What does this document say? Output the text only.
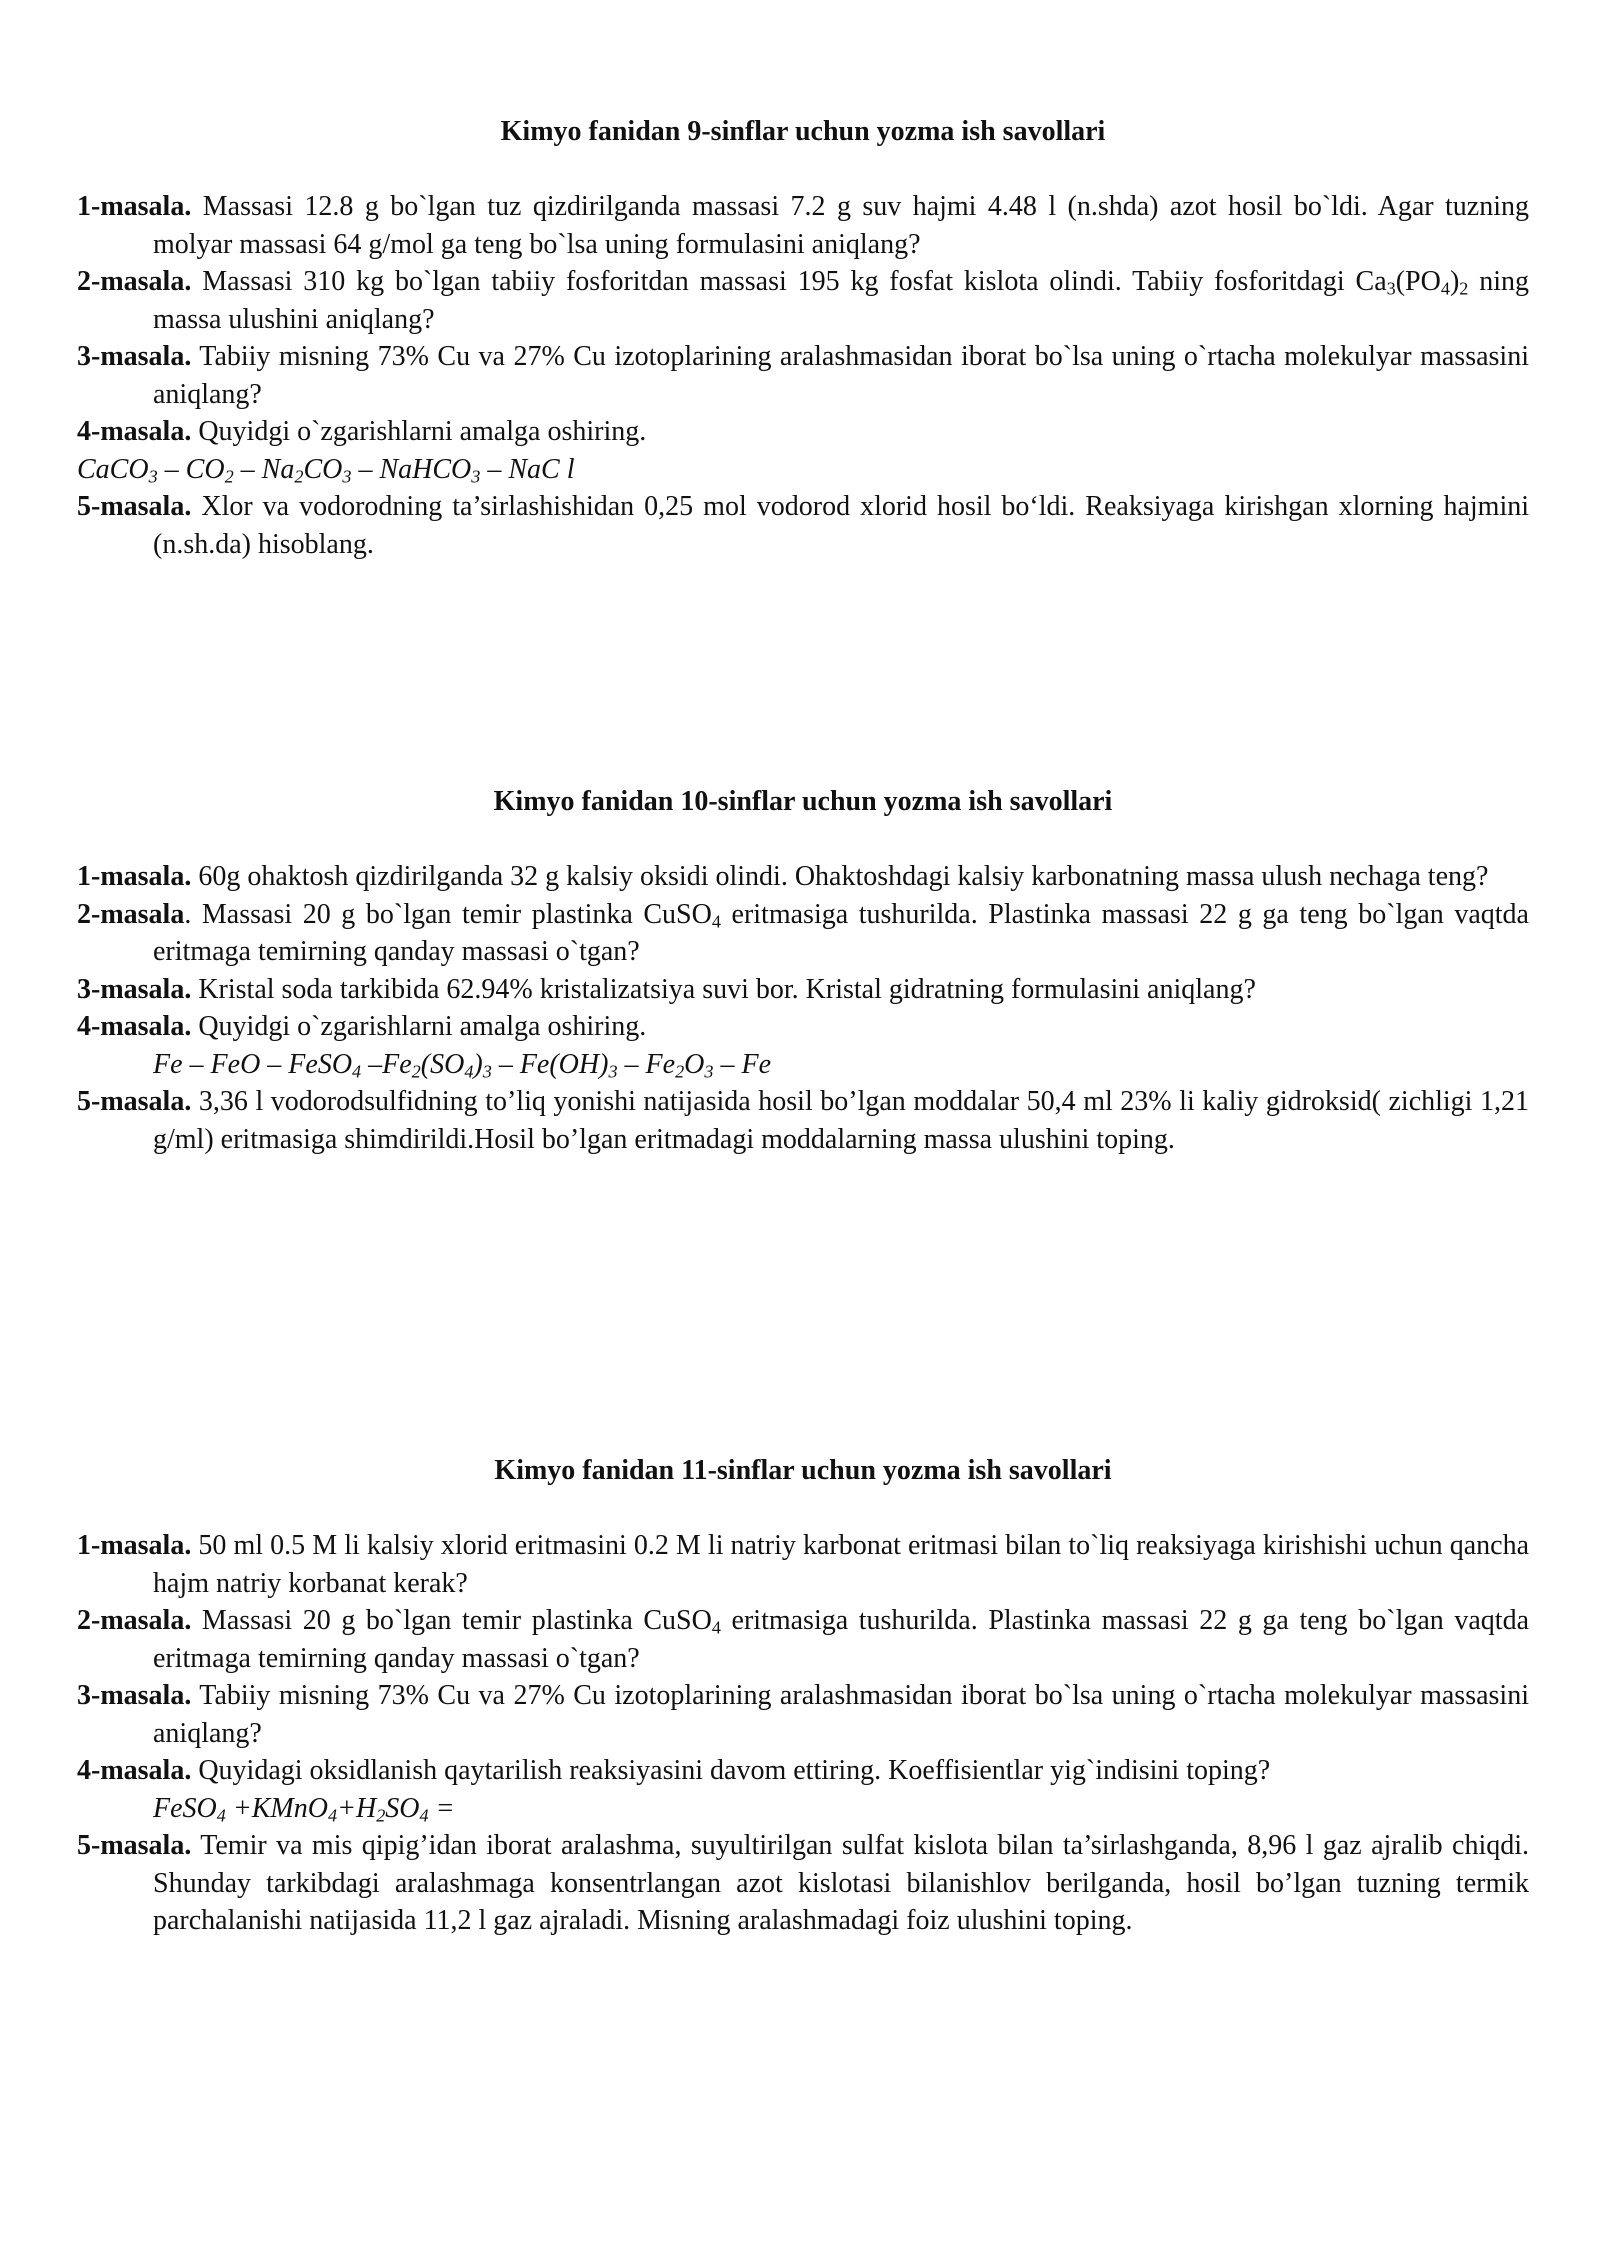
Kimyo fanidan 9-sinflar uchun yozma ish savollari

1-masala. Massasi 12.8 g bo`lgan tuz qizdirilganda massasi 7.2 g suv hajmi 4.48 l (n.shda) azot hosil bo`ldi. Agar tuzning molyar massasi 64 g/mol ga teng bo`lsa uning formulasini aniqlang?

2-masala. Massasi 310 kg bo`lgan tabiiy fosforitdan massasi 195 kg fosfat kislota olindi. Tabiiy fosforitdagi $Ca_3(PO_4)_2$ ning massa ulushini aniqlang?

3-masala. Tabiiy misning 73% Cu va 27% Cu izotoplarining aralashmasidan iborat bo`lsa uning o`rtacha molekulyar massasini aniqlang?

4-masala. Quyidgi o`zgarishlarni amalga oshiring.

CaCO$_3$ – $CO_2 - Na_2CO_3$ – NaHCO$_3$ – NaC l

5-masala. Xlor va vodorodning ta’sirlashishidan 0,25 mol vodorod xlorid hosil bo‘ldi. Reaksiyaga kirishgan xlorning hajmini (n.sh.da) hisoblang.

Kimyo fanidan 10-sinflar uchun yozma ish savollari

1-masala. 60g ohaktosh qizdirilganda 32 g kalsiy oksidi olindi. Ohaktoshdagi kalsiy karbonatning massa ulush nechaga teng?

2-masala. Massasi 20 g bo`lgan temir plastinka CuSO$_4$ eritmasiga tushurilda. Plastinka massasi 22 g ga teng bo`lgan vaqtda eritmaga temirning qanday massasi o`tgan?

3-masala. Kristal soda tarkibida 62.94% kristalizatsiya suvi bor. Kristal gidratning formulasini aniqlang?

4-masala. Quyidgi o`zgarishlarni amalga oshiring.

Fe – FeO – FeSO$_4$ $-Fe_2(SO_4)_3 - Fe(OH)_3 - Fe_2O_3$ – Fe

5-masala. 3,36 l vodorodsulfidning to’liq yonishi natijasida hosil bo’lgan moddalar 50,4 ml 23% li kaliy gidroksid( zichligi 1,21 g/ml) eritmasiga shimdirildi.Hosil bo’lgan eritmadagi moddalarning massa ulushini toping.

Kimyo fanidan 11-sinflar uchun yozma ish savollari

1-masala. 50 ml 0.5 M li kalsiy xlorid eritmasini 0.2 M li natriy karbonat eritmasi bilan to`liq reaksiyaga kirishishi uchun qancha hajm natriy korbanat kerak?

2-masala. Massasi 20 g bo`lgan temir plastinka CuSO$_4$ eritmasiga tushurilda. Plastinka massasi 22 g ga teng bo`lgan vaqtda eritmaga temirning qanday massasi o`tgan?

3-masala. Tabiiy misning 73% Cu va 27% Cu izotoplarining aralashmasidan iborat bo`lsa uning o`rtacha molekulyar massasini aniqlang?

4-masala. Quyidagi oksidlanish qaytarilish reaksiyasini davom ettiring. Koeffisientlar yig`indisini toping?

FeSO$_4$ $+KMnO_4+H_2SO_4$ =

5-masala. Temir va mis qipig’idan iborat aralashma, suyultirilgan sulfat kislota bilan ta’sirlashganda, 8,96 l gaz ajralib chiqdi. Shunday tarkibdagi aralashmaga konsentrlangan azot kislotasi bilanishlov berilganda, hosil bo’lgan tuzning termik parchalanishi natijasida 11,2 l gaz ajraladi. Misning aralashmadagi foiz ulushini toping.
